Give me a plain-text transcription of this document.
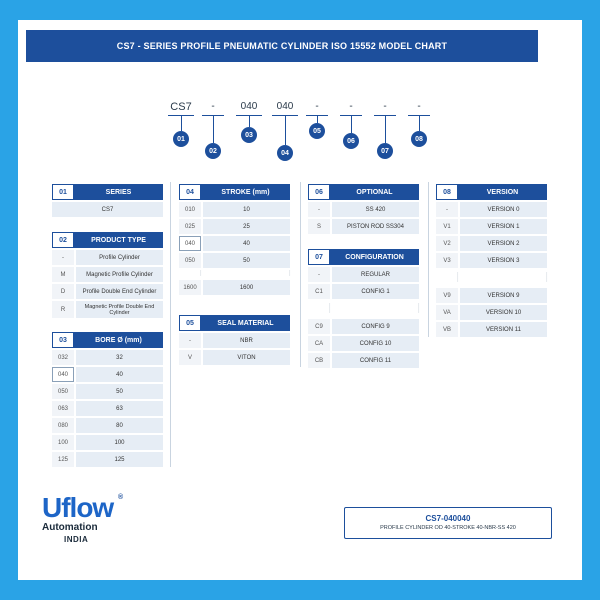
CS7 - SERIES PROFILE PNEUMATIC CYLINDER ISO 15552 MODEL CHART
CS7	-	040	040	-	-	-	-
01
02
03
04
05
06
07
08
01	SERIES
CS7
02	PRODUCT TYPE
-	Profile Cylinder
M	Magnetic Profile Cylinder
D	Profile Double End Cylinder
R	Magnetic Profile Double End Cylinder
03	BORE Ø (mm)
032	32
040	40
050	50
063	63
080	80
100	100
125	125
04	STROKE (mm)
010	10
025	25
040	40
050	50
···	···
1600	1600
05	SEAL MATERIAL
-	NBR
V	VITON
06	OPTIONAL
-	SS 420
S	PISTON ROD SS304
07	CONFIGURATION
-	REGULAR
C1	CONFIG 1
·····	·····
C9	CONFIG 9
CA	CONFIG 10
CB	CONFIG 11
08	VERSION
-	VERSION 0
V1	VERSION 1
V2	VERSION 2
V3	VERSION 3
·····	·····
V9	VERSION 9
VA	VERSION 10
VB	VERSION 11
Uflow ®
Automation
INDIA
CS7-040040
PROFILE CYLINDER OD 40-STROKE 40-NBR-SS 420
